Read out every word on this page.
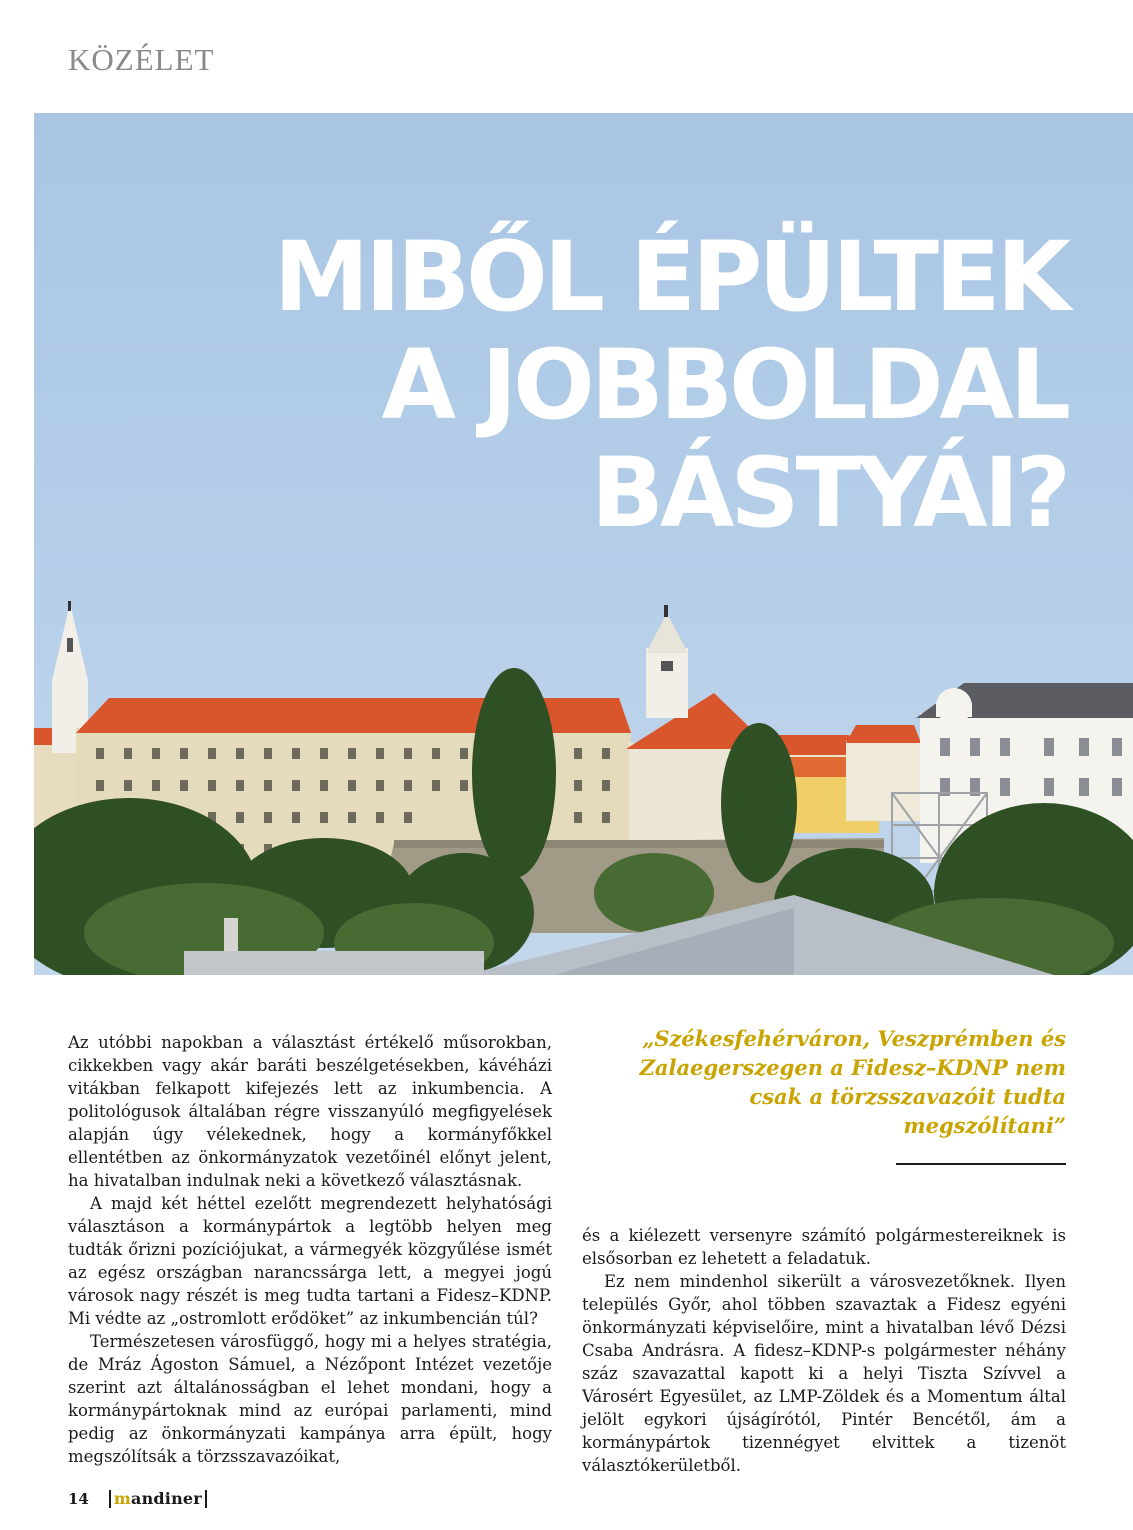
KÖZÉLET
MIBŐL ÉPÜLTEK
A JOBBOLDAL
BÁSTYÁI?

Az utóbbi napokban a választást értékelő műsorokban, cikkekben vagy akár baráti beszélgetésekben, kávéházi vitákban felkapott kifejezés lett az inkumbencia. A politológusok általában régre visszanyúló megfigyelések alapján úgy vélekednek, hogy a kormányfőkkel ellentétben az önkormányzatok vezetőinél előnyt jelent, ha hivatalban indulnak neki a következő választásnak.

A majd két héttel ezelőtt megrendezett helyhatósági választáson a kormánypártok a legtöbb helyen meg tudták őrizni pozíciójukat, a vármegyék közgyűlése ismét az egész országban narancssárga lett, a megyei jogú városok nagy részét is meg tudta tartani a Fidesz–KDNP. Mi védte az „ostromlott erődöket” az inkumbencián túl?

Természetesen városfüggő, hogy mi a helyes stratégia, de Mráz Ágoston Sámuel, a Nézőpont Intézet vezetője szerint azt általánosságban el lehet mondani, hogy a kormánypártoknak mind az európai parlamenti, mind pedig az önkormányzati kampánya arra épült, hogy megszólítsák a törzsszavazóikat,

„Székesfehérváron, Veszprémben és Zalaegerszegen a Fidesz–KDNP nem csak a törzsszavazóit tudta megszólítani”

és a kiélezett versenyre számító polgármestereiknek is elsősorban ez lehetett a feladatuk.

Ez nem mindenhol sikerült a városvezetőknek. Ilyen település Győr, ahol többen szavaztak a Fidesz egyéni önkormányzati képviselőire, mint a hivatalban lévő Dézsi Csaba Andrásra. A fidesz–KDNP-s polgármester néhány száz szavazattal kapott ki a helyi Tiszta Szívvel a Városért Egyesület, az LMP-Zöldek és a Momentum által jelölt egykori újságírótól, Pintér Bencétől, ám a kormánypártok tizennégyet elvittek a tizenöt választókerületből.

14	mandiner
